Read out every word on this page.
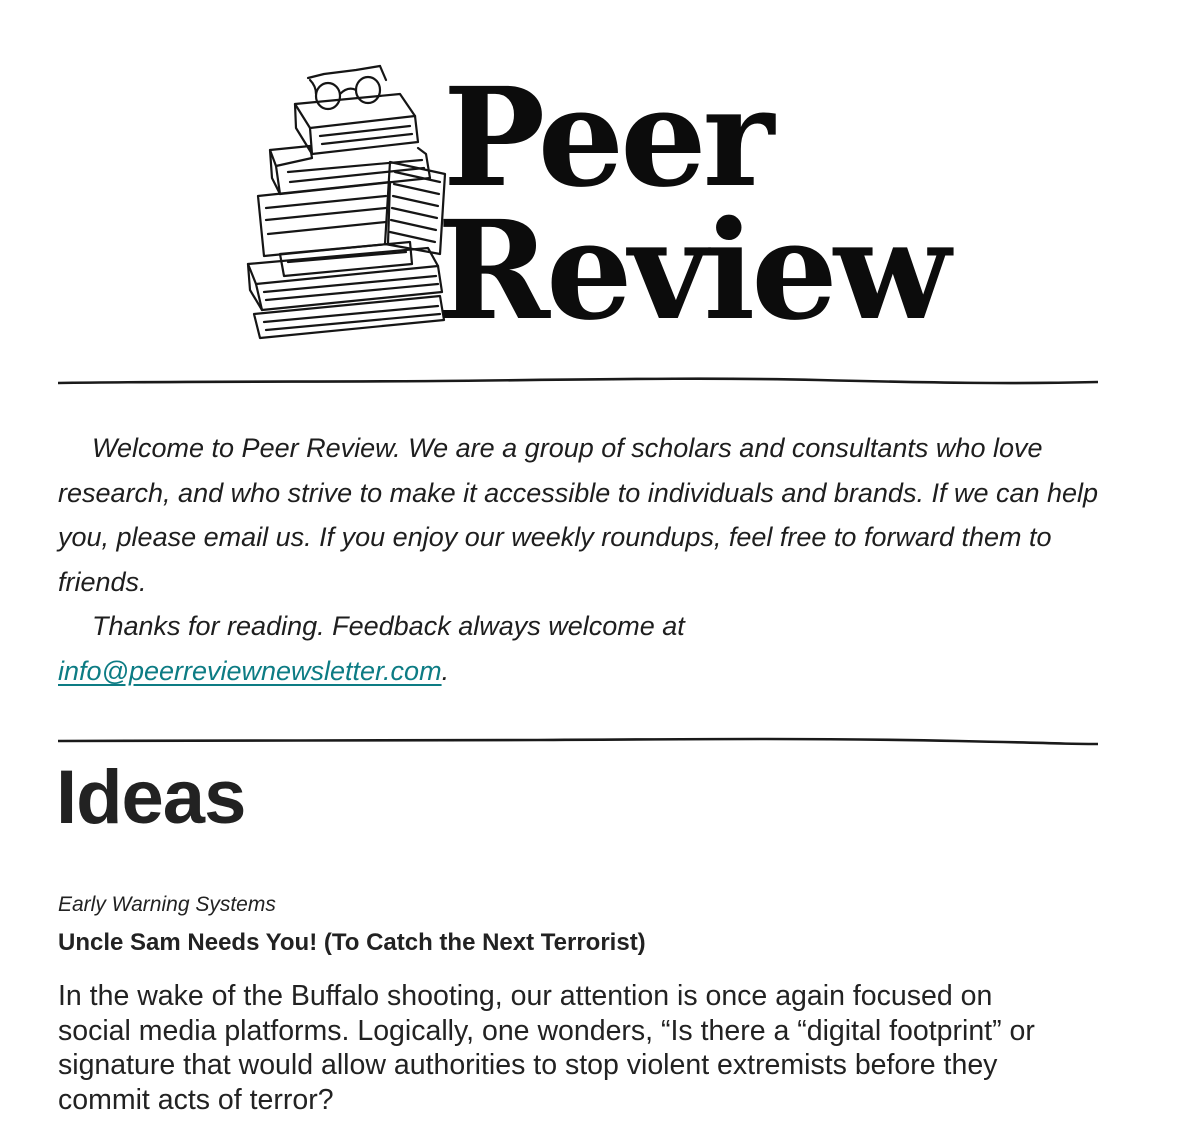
Peer
Review

Welcome to Peer Review. We are a group of scholars and consultants who love research, and who strive to make it accessible to individuals and brands. If we can help you, please email us. If you enjoy our weekly roundups, feel free to forward them to friends.

Thanks for reading. Feedback always welcome at
info@peerreviewnewsletter.com.

Ideas

Early Warning Systems

Uncle Sam Needs You! (To Catch the Next Terrorist)

In the wake of the Buffalo shooting, our attention is once again focused on social media platforms. Logically, one wonders, “Is there a “digital footprint” or signature that would allow authorities to stop violent extremists before they commit acts of terror?
